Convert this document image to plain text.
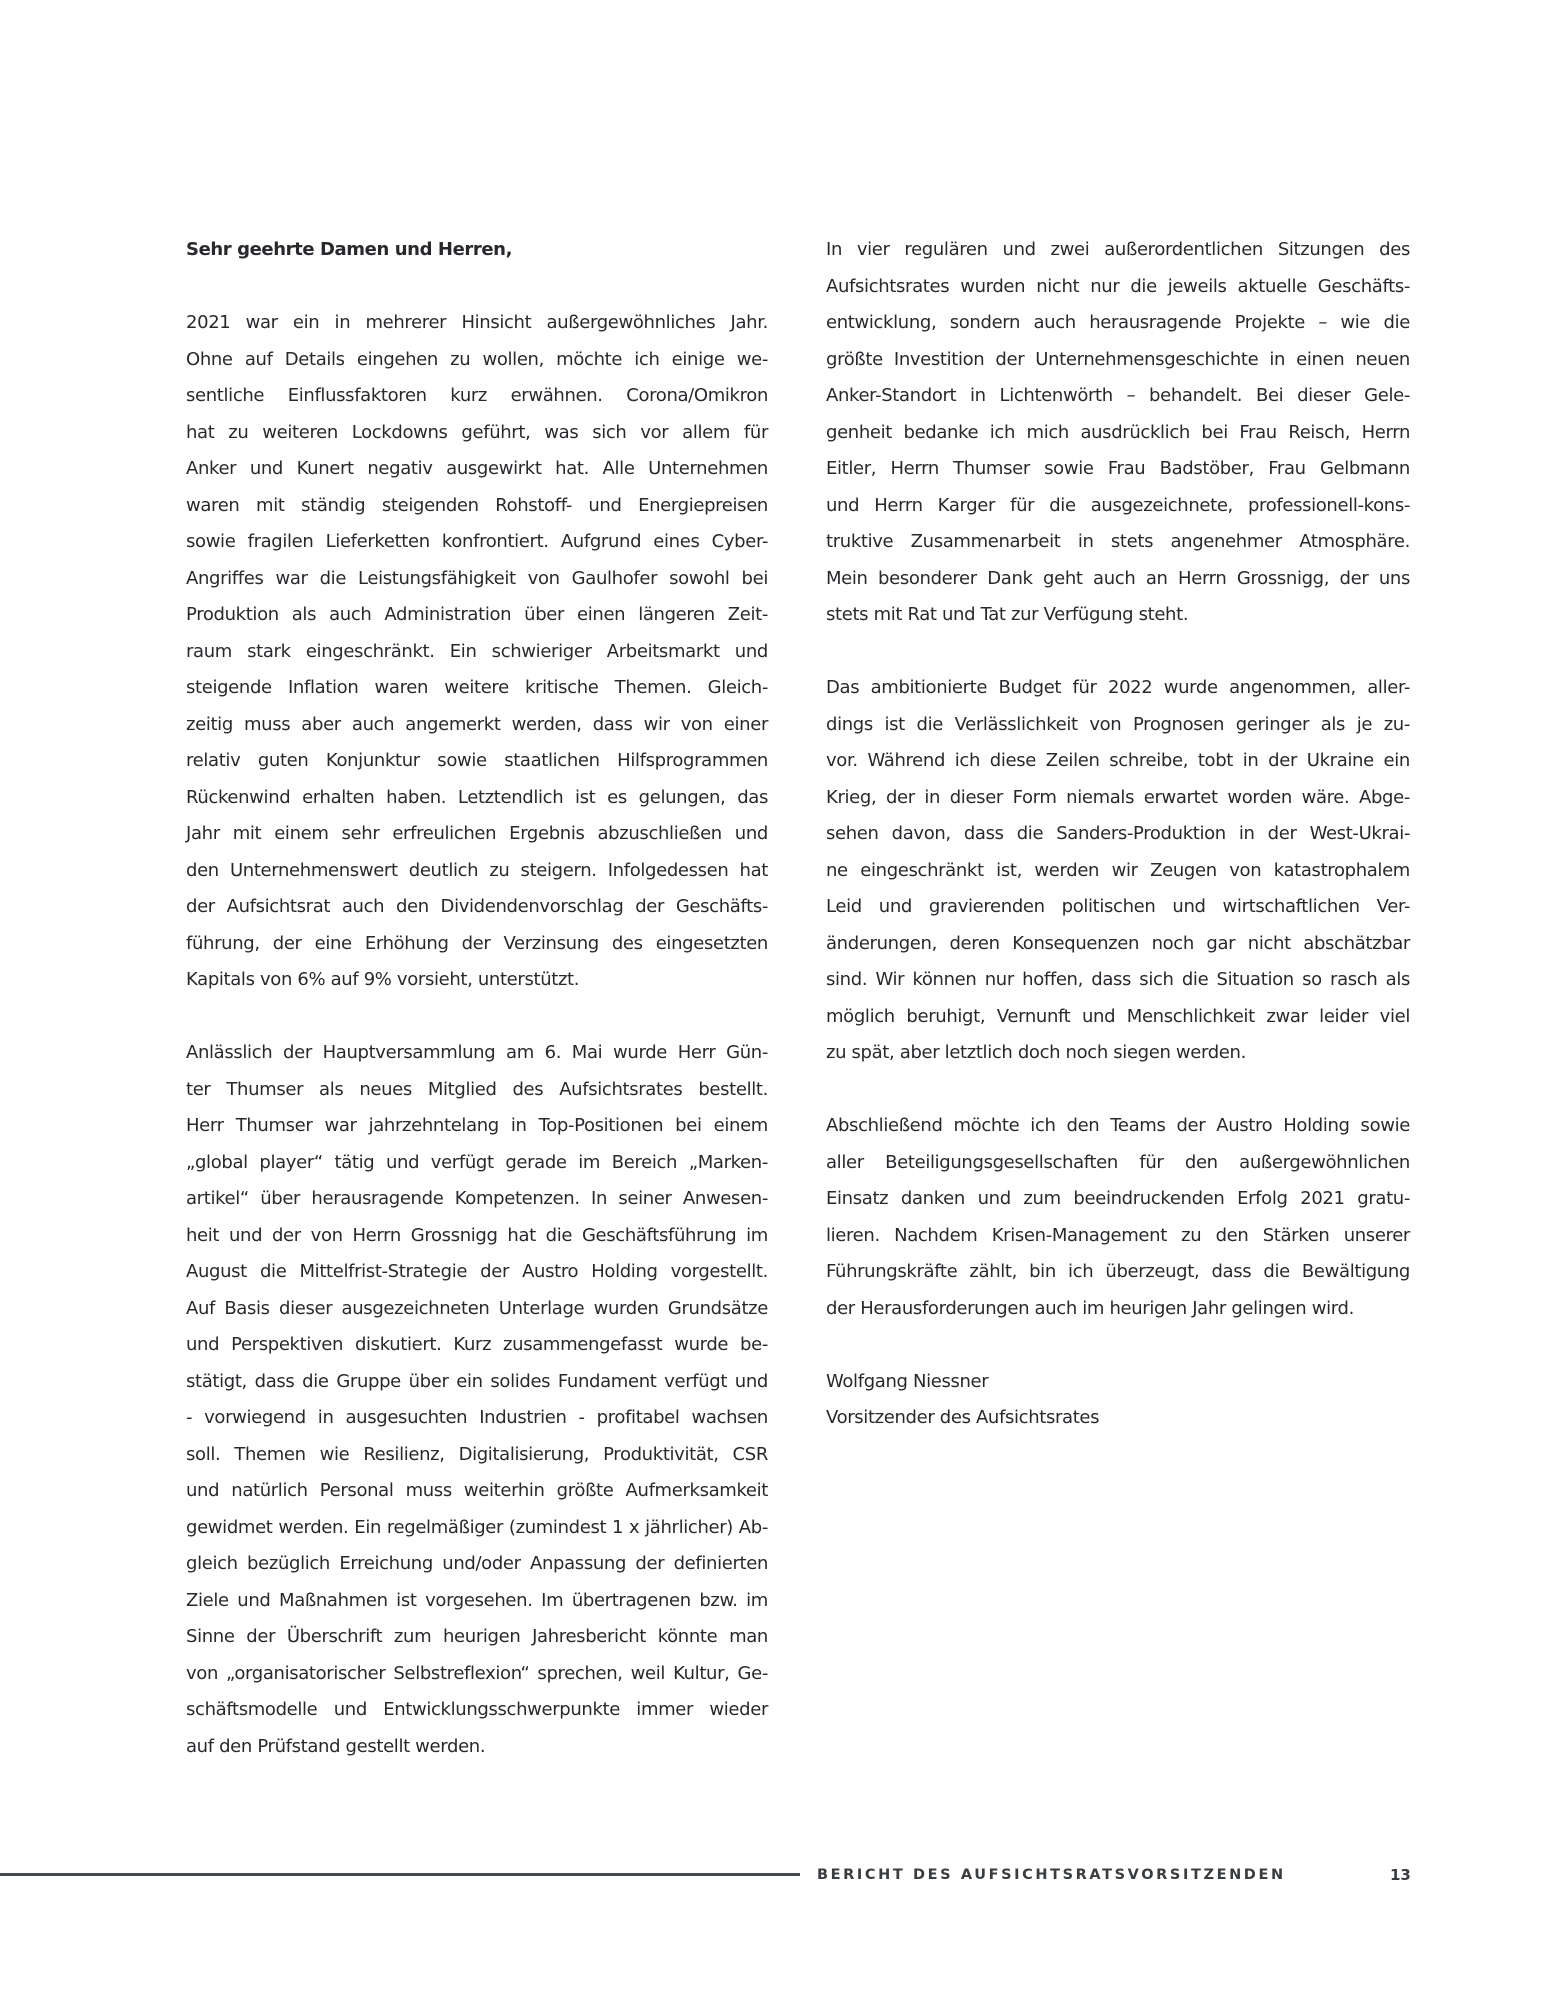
Sehr geehrte Damen und Herren,
2021 war ein in mehrerer Hinsicht außergewöhnliches Jahr.
Ohne auf Details eingehen zu wollen, möchte ich einige we-
sentliche Einflussfaktoren kurz erwähnen. Corona/Omikron
hat zu weiteren Lockdowns geführt, was sich vor allem für
Anker und Kunert negativ ausgewirkt hat. Alle Unternehmen
waren mit ständig steigenden Rohstoff- und Energiepreisen
sowie fragilen Lieferketten konfrontiert. Aufgrund eines Cyber-
Angriffes war die Leistungsfähigkeit von Gaulhofer sowohl bei
Produktion als auch Administration über einen längeren Zeit-
raum stark eingeschränkt. Ein schwieriger Arbeitsmarkt und
steigende Inflation waren weitere kritische Themen. Gleich-
zeitig muss aber auch angemerkt werden, dass wir von einer
relativ guten Konjunktur sowie staatlichen Hilfsprogrammen
Rückenwind erhalten haben. Letztendlich ist es gelungen, das
Jahr mit einem sehr erfreulichen Ergebnis abzuschließen und
den Unternehmenswert deutlich zu steigern. Infolgedessen hat
der Aufsichtsrat auch den Dividendenvorschlag der Geschäfts-
führung, der eine Erhöhung der Verzinsung des eingesetzten
Kapitals von 6% auf 9% vorsieht, unterstützt.
Anlässlich der Hauptversammlung am 6. Mai wurde Herr Gün-
ter Thumser als neues Mitglied des Aufsichtsrates bestellt.
Herr Thumser war jahrzehntelang in Top-Positionen bei einem
„global player“ tätig und verfügt gerade im Bereich „Marken-
artikel“ über herausragende Kompetenzen. In seiner Anwesen-
heit und der von Herrn Grossnigg hat die Geschäftsführung im
August die Mittelfrist-Strategie der Austro Holding vorgestellt.
Auf Basis dieser ausgezeichneten Unterlage wurden Grundsätze
und Perspektiven diskutiert. Kurz zusammengefasst wurde be-
stätigt, dass die Gruppe über ein solides Fundament verfügt und
- vorwiegend in ausgesuchten Industrien - profitabel wachsen
soll. Themen wie Resilienz, Digitalisierung, Produktivität, CSR
und natürlich Personal muss weiterhin größte Aufmerksamkeit
gewidmet werden. Ein regelmäßiger (zumindest 1 x jährlicher) Ab-
gleich bezüglich Erreichung und/oder Anpassung der definierten
Ziele und Maßnahmen ist vorgesehen. Im übertragenen bzw. im
Sinne der Überschrift zum heurigen Jahresbericht könnte man
von „organisatorischer Selbstreflexion“ sprechen, weil Kultur, Ge-
schäftsmodelle und Entwicklungsschwerpunkte immer wieder
auf den Prüfstand gestellt werden.
In vier regulären und zwei außerordentlichen Sitzungen des
Aufsichtsrates wurden nicht nur die jeweils aktuelle Geschäfts-
entwicklung, sondern auch herausragende Projekte – wie die
größte Investition der Unternehmensgeschichte in einen neuen
Anker-Standort in Lichtenwörth – behandelt. Bei dieser Gele-
genheit bedanke ich mich ausdrücklich bei Frau Reisch, Herrn
Eitler, Herrn Thumser sowie Frau Badstöber, Frau Gelbmann
und Herrn Karger für die ausgezeichnete, professionell-kons-
truktive Zusammenarbeit in stets angenehmer Atmosphäre.
Mein besonderer Dank geht auch an Herrn Grossnigg, der uns
stets mit Rat und Tat zur Verfügung steht.
Das ambitionierte Budget für 2022 wurde angenommen, aller-
dings ist die Verlässlichkeit von Prognosen geringer als je zu-
vor. Während ich diese Zeilen schreibe, tobt in der Ukraine ein
Krieg, der in dieser Form niemals erwartet worden wäre. Abge-
sehen davon, dass die Sanders-Produktion in der West-Ukrai-
ne eingeschränkt ist, werden wir Zeugen von katastrophalem
Leid und gravierenden politischen und wirtschaftlichen Ver-
änderungen, deren Konsequenzen noch gar nicht abschätzbar
sind. Wir können nur hoffen, dass sich die Situation so rasch als
möglich beruhigt, Vernunft und Menschlichkeit zwar leider viel
zu spät, aber letztlich doch noch siegen werden.
Abschließend möchte ich den Teams der Austro Holding sowie
aller Beteiligungsgesellschaften für den außergewöhnlichen
Einsatz danken und zum beeindruckenden Erfolg 2021 gratu-
lieren. Nachdem Krisen-Management zu den Stärken unserer
Führungskräfte zählt, bin ich überzeugt, dass die Bewältigung
der Herausforderungen auch im heurigen Jahr gelingen wird.
Wolfgang Niessner
Vorsitzender des Aufsichtsrates
BERICHT DES AUFSICHTSRATSVORSITZENDEN	13
